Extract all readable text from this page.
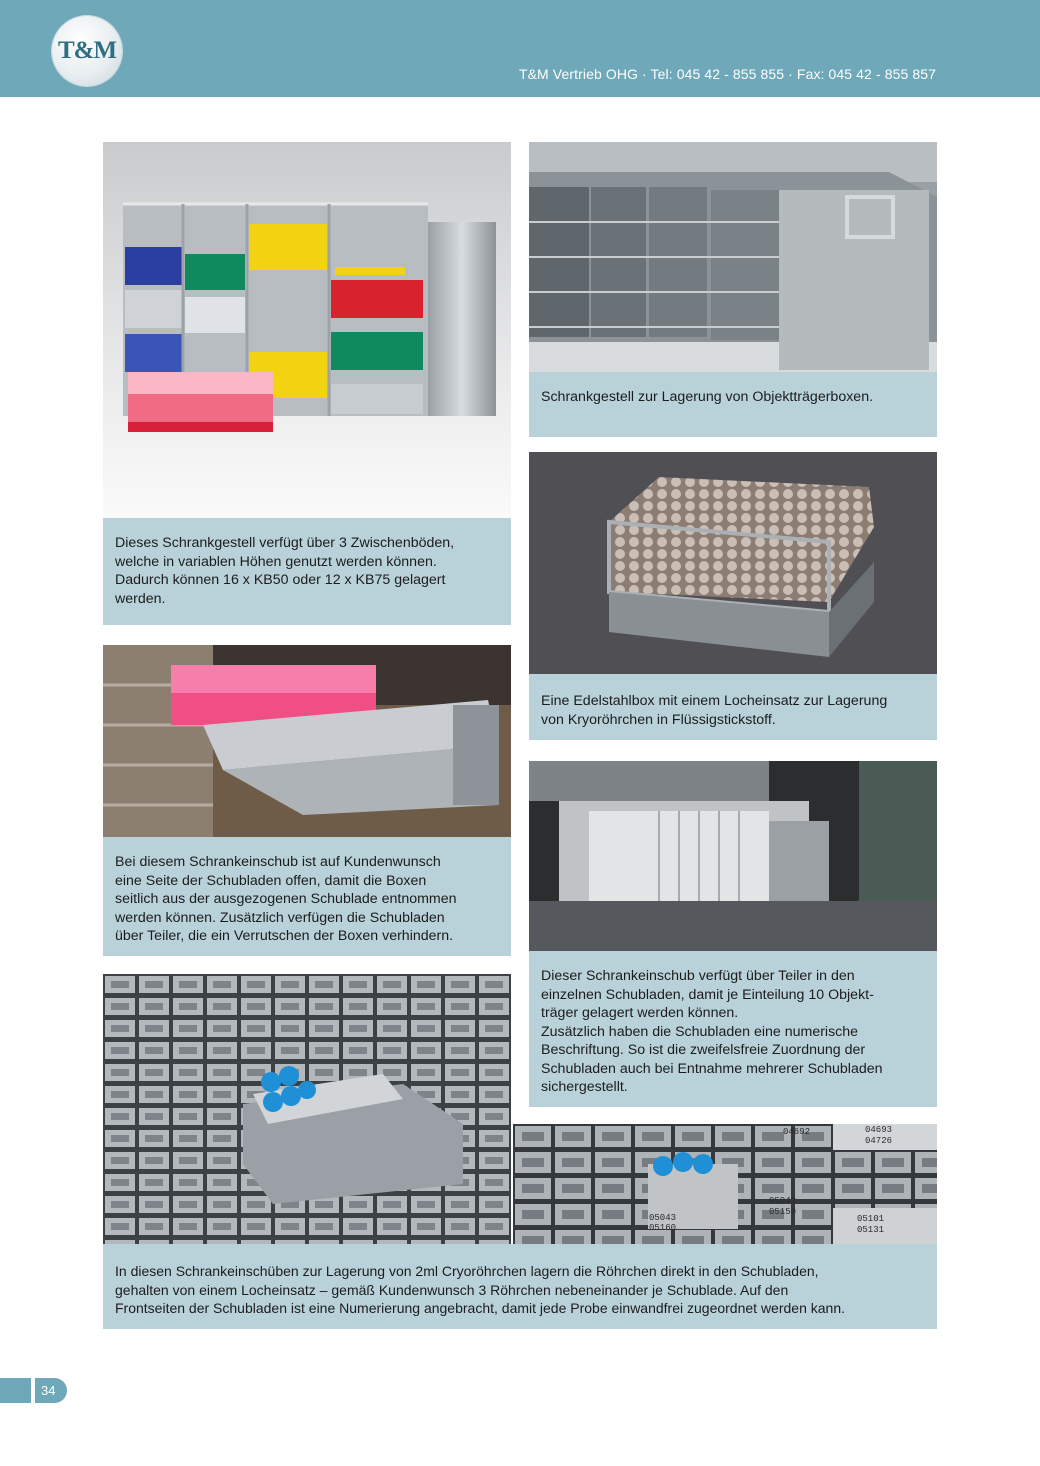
T&M
T&M Vertrieb OHG · Tel: 045 42 - 855 855 · Fax: 045 42 - 855 857
Dieses Schrankgestell verfügt über 3 Zwischenböden,
welche in variablen Höhen genutzt werden können.
Dadurch können 16 x KB50 oder 12 x KB75 gelagert
werden.
Schrankgestell zur Lagerung von Objektträgerboxen.
Eine Edelstahlbox mit einem Locheinsatz zur Lagerung
von Kryoröhrchen in Flüssigstickstoff.
Bei diesem Schrankeinschub ist auf Kundenwunsch
eine Seite der Schubladen offen, damit die Boxen
seitlich aus der ausgezogenen Schublade entnommen
werden können. Zusätzlich verfügen die Schubladen
über Teiler, die ein Verrutschen der Boxen verhindern.
Dieser Schrankeinschub verfügt über Teiler in den
einzelnen Schubladen, damit je Einteilung 10 Objekt-
träger gelagert werden können.
Zusätzlich haben die Schubladen eine numerische
Beschriftung. So ist die zweifelsfreie Zuordnung der
Schubladen auch bei Entnahme mehrerer Schubladen
sichergestellt.
04692	04693
04726
05042
05043
05150
05160
05101
05131
In diesen Schrankeinschüben zur Lagerung von 2ml Cryoröhrchen lagern die Röhrchen direkt in den Schubladen,
gehalten von einem Locheinsatz – gemäß Kundenwunsch 3 Röhrchen nebeneinander je Schublade. Auf den
Frontseiten der Schubladen ist eine Numerierung angebracht, damit jede Probe einwandfrei zugeordnet werden kann.
34
